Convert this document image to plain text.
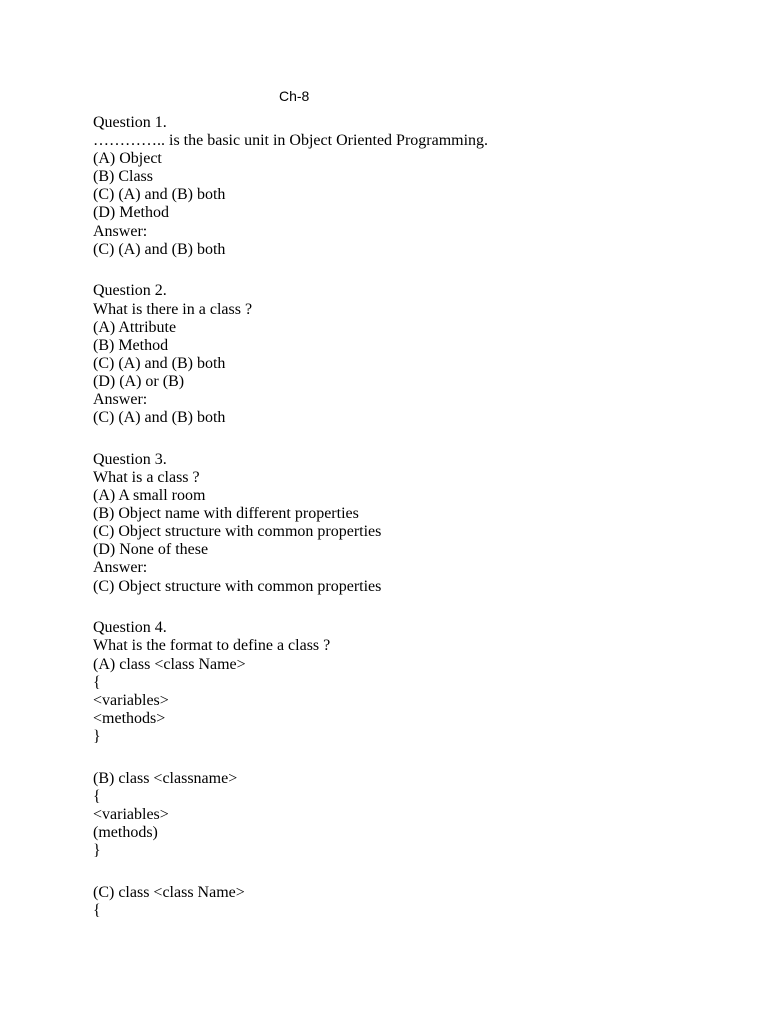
Ch-8
Question 1.
………….. is the basic unit in Object Oriented Programming.
(A) Object
(B) Class
(C) (A) and (B) both
(D) Method
Answer:
(C) (A) and (B) both
Question 2.
What is there in a class ?
(A) Attribute
(B) Method
(C) (A) and (B) both
(D) (A) or (B)
Answer:
(C) (A) and (B) both
Question 3.
What is a class ?
(A) A small room
(B) Object name with different properties
(C) Object structure with common properties
(D) None of these
Answer:
(C) Object structure with common properties
Question 4.
What is the format to define a class ?
(A) class <class Name>
{
<variables>
<methods>
}
(B) class <classname>
{
<variables>
(methods)
}
(C) class <class Name>
{
